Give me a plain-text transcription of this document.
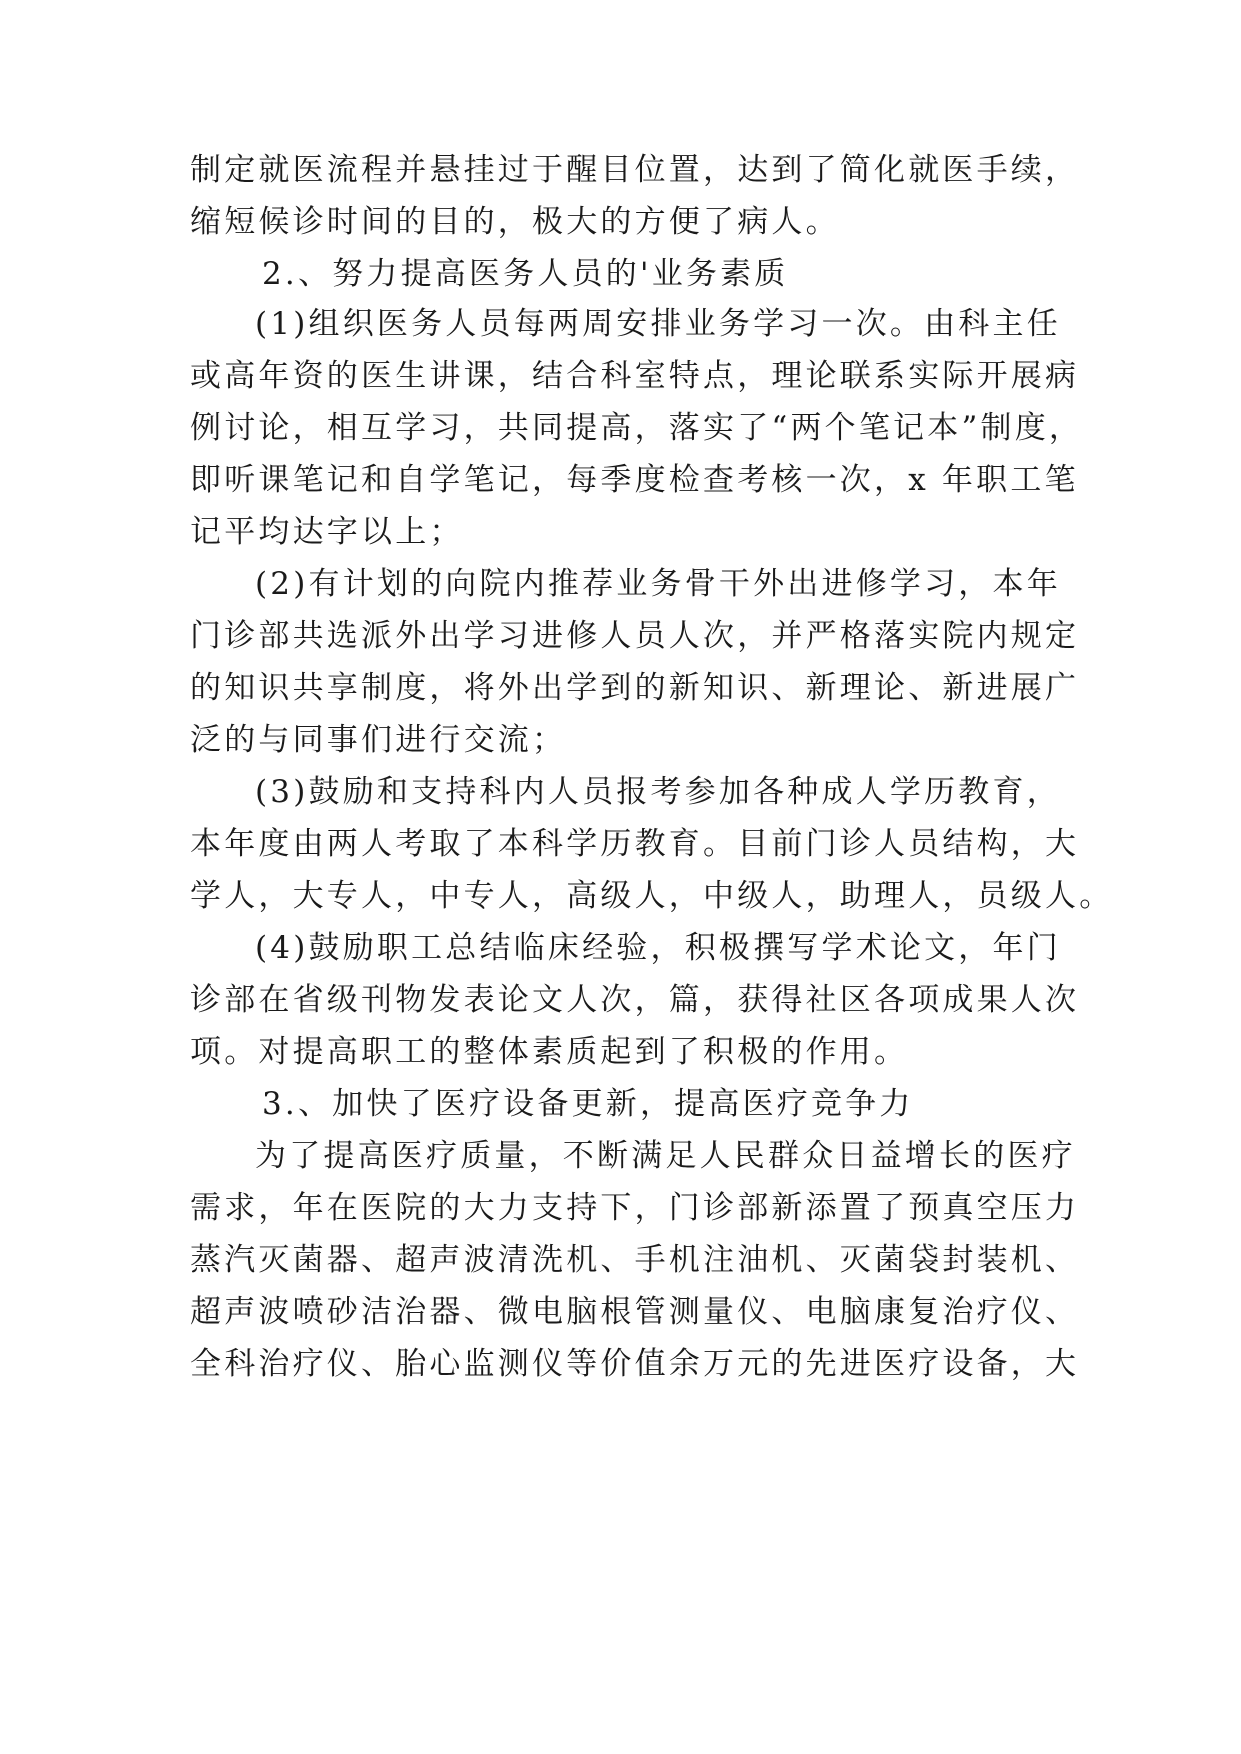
制定就医流程并悬挂过于醒目位置，达到了简化就医手续，
缩短候诊时间的目的，极大的方便了病人。
2.、努力提高医务人员的'业务素质
(1)组织医务人员每两周安排业务学习一次。由科主任
或高年资的医生讲课，结合科室特点，理论联系实际开展病
例讨论，相互学习，共同提高，落实了“两个笔记本”制度，
即听课笔记和自学笔记，每季度检查考核一次，x 年职工笔
记平均达字以上；
(2)有计划的向院内推荐业务骨干外出进修学习，本年
门诊部共选派外出学习进修人员人次，并严格落实院内规定
的知识共享制度，将外出学到的新知识、新理论、新进展广
泛的与同事们进行交流；
(3)鼓励和支持科内人员报考参加各种成人学历教育，
本年度由两人考取了本科学历教育。目前门诊人员结构，大
学人，大专人，中专人，高级人，中级人，助理人，员级人。
(4)鼓励职工总结临床经验，积极撰写学术论文，年门
诊部在省级刊物发表论文人次，篇，获得社区各项成果人次
项。对提高职工的整体素质起到了积极的作用。
3.、加快了医疗设备更新，提高医疗竞争力
为了提高医疗质量，不断满足人民群众日益增长的医疗
需求，年在医院的大力支持下，门诊部新添置了预真空压力
蒸汽灭菌器、超声波清洗机、手机注油机、灭菌袋封装机、
超声波喷砂洁治器、微电脑根管测量仪、电脑康复治疗仪、
全科治疗仪、胎心监测仪等价值余万元的先进医疗设备，大
